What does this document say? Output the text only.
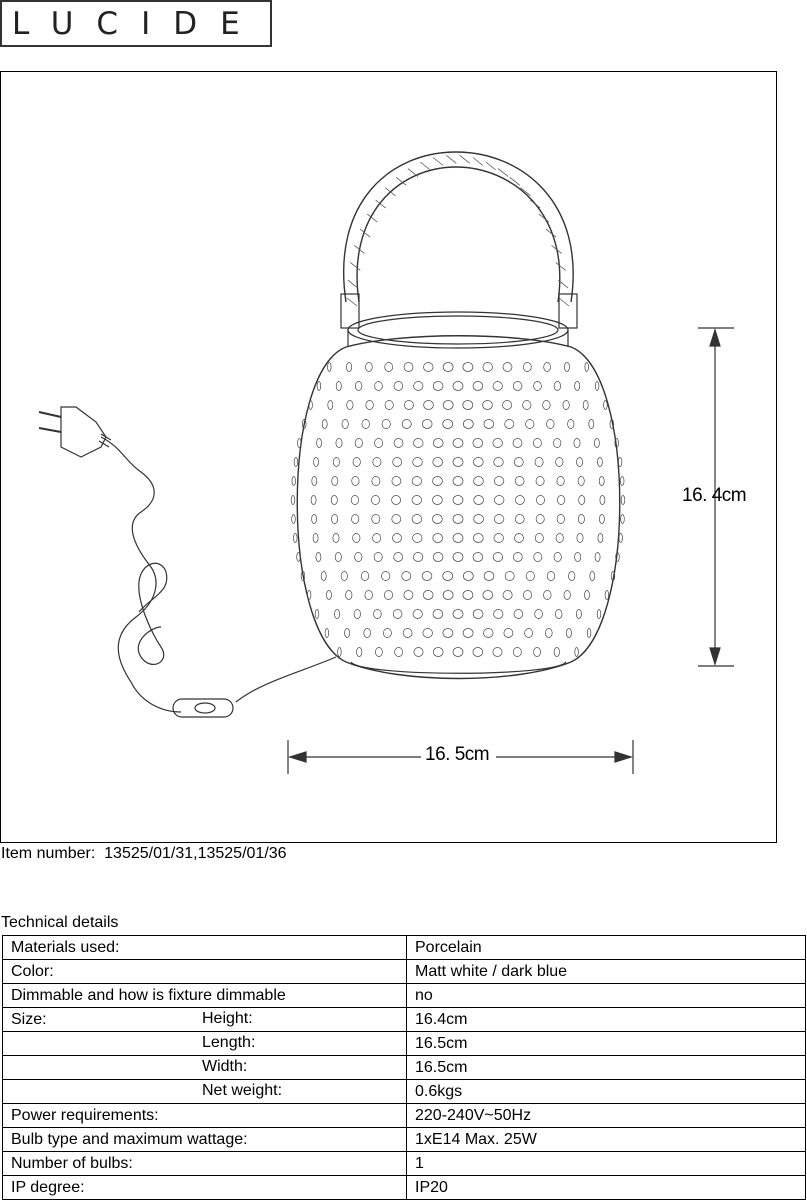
LUCIDE
16. 4cm
16. 5cm
Item number: 13525/01/31,13525/01/36
Technical details
Materials used:	Porcelain
Color:	Matt white / dark blue
Dimmable and how is fixture dimmable	no
Size: Height:	16.4cm

Length:	16.5cm

Width:	16.5cm

Net weight:	0.6kgs
Power requirements:	220-240V~50Hz
Bulb type and maximum wattage:	1xE14 Max. 25W
Number of bulbs:	1
IP degree:	IP20
